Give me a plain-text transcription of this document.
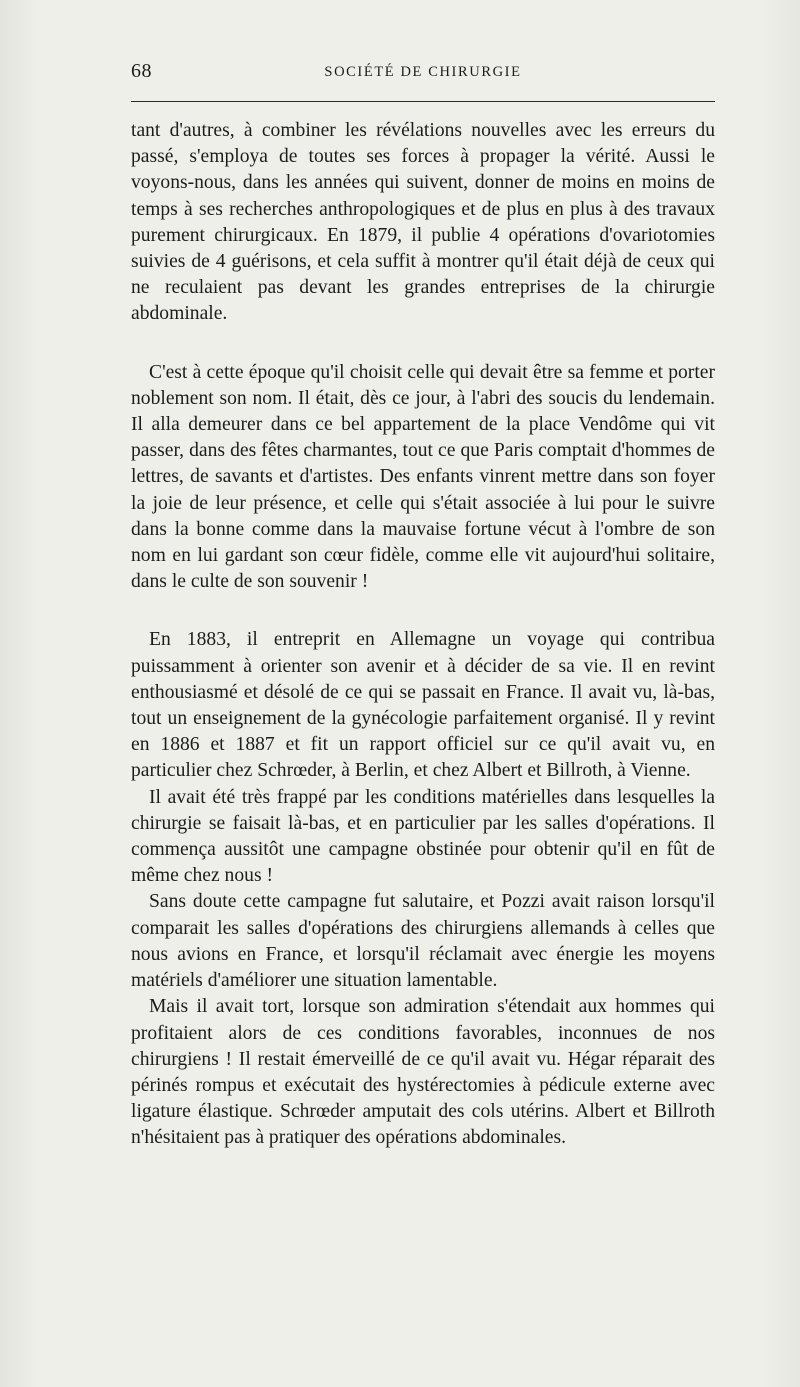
68	SOCIÉTÉ DE CHIRURGIE

tant d'autres, à combiner les révélations nouvelles avec les erreurs du passé, s'employa de toutes ses forces à propager la vérité. Aussi le voyons-nous, dans les années qui suivent, donner de moins en moins de temps à ses recherches anthropologiques et de plus en plus à des travaux purement chirurgicaux. En 1879, il publie 4 opérations d'ovariotomies suivies de 4 guérisons, et cela suffit à montrer qu'il était déjà de ceux qui ne reculaient pas devant les grandes entreprises de la chirurgie abdominale.

C'est à cette époque qu'il choisit celle qui devait être sa femme et porter noblement son nom. Il était, dès ce jour, à l'abri des soucis du lendemain. Il alla demeurer dans ce bel appartement de la place Vendôme qui vit passer, dans des fêtes charmantes, tout ce que Paris comptait d'hommes de lettres, de savants et d'artistes. Des enfants vinrent mettre dans son foyer la joie de leur présence, et celle qui s'était associée à lui pour le suivre dans la bonne comme dans la mauvaise fortune vécut à l'ombre de son nom en lui gardant son cœur fidèle, comme elle vit aujourd'hui solitaire, dans le culte de son souvenir !

En 1883, il entreprit en Allemagne un voyage qui contribua puissamment à orienter son avenir et à décider de sa vie. Il en revint enthousiasmé et désolé de ce qui se passait en France. Il avait vu, là-bas, tout un enseignement de la gynécologie parfaitement organisé. Il y revint en 1886 et 1887 et fit un rapport officiel sur ce qu'il avait vu, en particulier chez Schrœder, à Berlin, et chez Albert et Billroth, à Vienne.

Il avait été très frappé par les conditions matérielles dans lesquelles la chirurgie se faisait là-bas, et en particulier par les salles d'opérations. Il commença aussitôt une campagne obstinée pour obtenir qu'il en fût de même chez nous !

Sans doute cette campagne fut salutaire, et Pozzi avait raison lorsqu'il comparait les salles d'opérations des chirurgiens allemands à celles que nous avions en France, et lorsqu'il réclamait avec énergie les moyens matériels d'améliorer une situation lamentable.

Mais il avait tort, lorsque son admiration s'étendait aux hommes qui profitaient alors de ces conditions favorables, inconnues de nos chirurgiens ! Il restait émerveillé de ce qu'il avait vu. Hégar réparait des périnés rompus et exécutait des hystérectomies à pédicule externe avec ligature élastique. Schrœder amputait des cols utérins. Albert et Billroth n'hésitaient pas à pratiquer des opérations abdominales.
